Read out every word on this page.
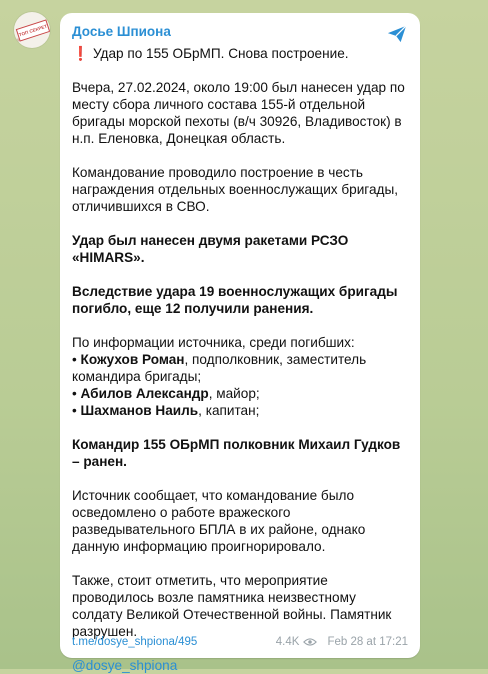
ТОП СЕКРЕТ Досье Шпиона

❗ Удар по 155 ОБрМП. Снова построение.

Вчера, 27.02.2024, около 19:00 был нанесен удар по месту сбора личного состава 155-й отдельной бригады морской пехоты (в/ч 30926, Владивосток) в н.п. Еленовка, Донецкая область.

Командование проводило построение в честь награждения отдельных военнослужащих бригады, отличившихся в СВО.

Удар был нанесен двумя ракетами РСЗО «HIMARS».

Вследствие удара 19 военнослужащих бригады погибло, еще 12 получили ранения.

По информации источника, среди погибших:
• Кожухов Роман, подполковник, заместитель командира бригады;
• Абилов Александр, майор;
• Шахманов Наиль, капитан;

Командир 155 ОБрМП полковник Михаил Гудков – ранен.

Источник сообщает, что командование было осведомлено о работе вражеского разведывательного БПЛА в их районе, однако данную информацию проигнорировало.

Также, стоит отметить, что мероприятие проводилось возле памятника неизвестному солдату Великой Отечественной войны. Памятник разрушен.

@dosye_shpiona

t.me/dosye_shpiona/495	4.4K Feb 28 at 17:21
